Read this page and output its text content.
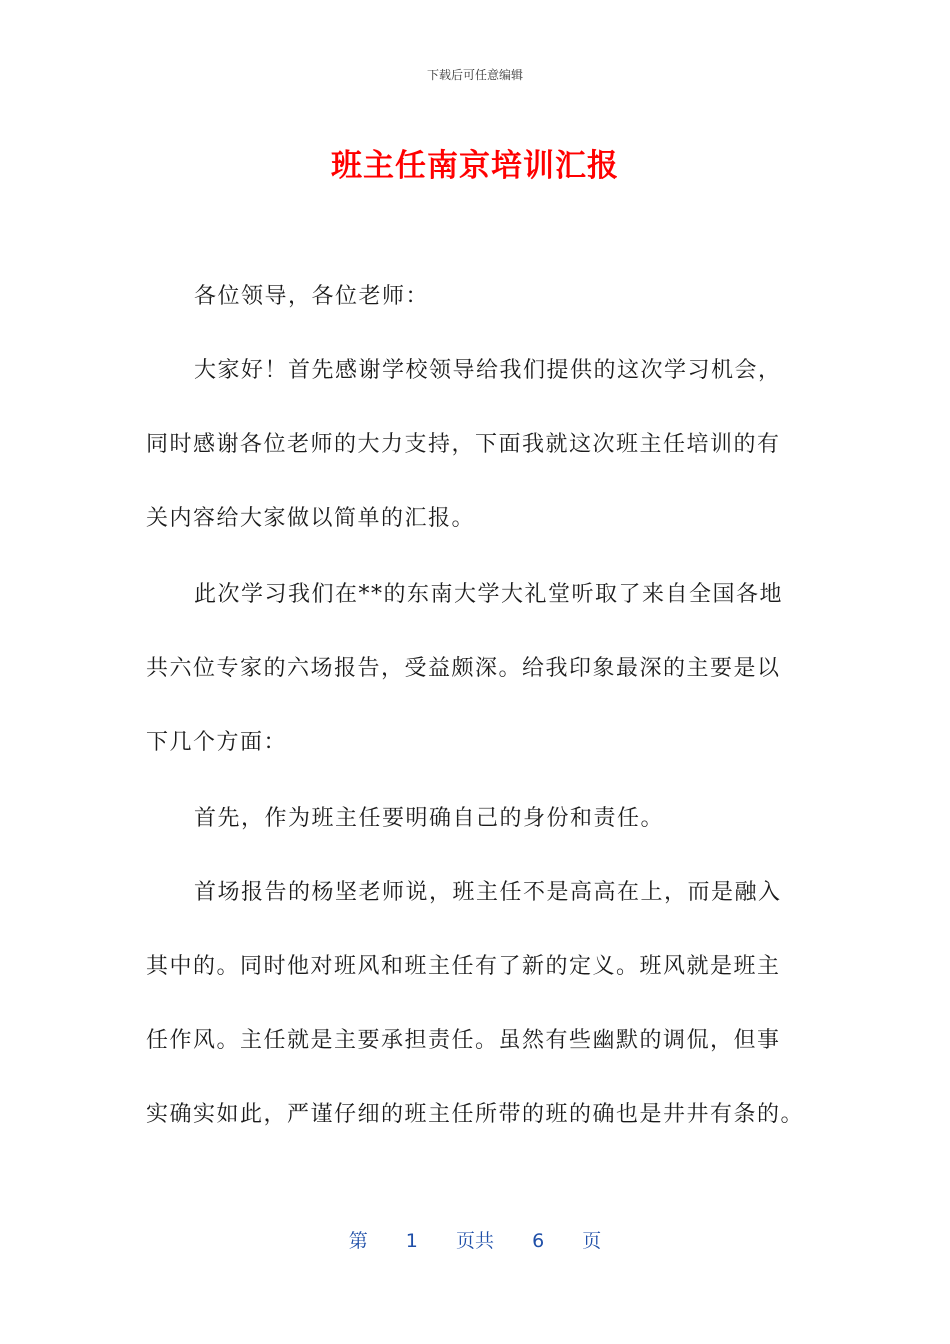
下载后可任意编辑
班主任南京培训汇报
各位领导，各位老师：
大家好！首先感谢学校领导给我们提供的这次学习机会，
同时感谢各位老师的大力支持，下面我就这次班主任培训的有
关内容给大家做以简单的汇报。
此次学习我们在**的东南大学大礼堂听取了来自全国各地
共六位专家的六场报告，受益颇深。给我印象最深的主要是以
下几个方面：
首先，作为班主任要明确自己的身份和责任。
首场报告的杨坚老师说，班主任不是高高在上，而是融入
其中的。同时他对班风和班主任有了新的定义。班风就是班主
任作风。主任就是主要承担责任。虽然有些幽默的调侃，但事
实确实如此，严谨仔细的班主任所带的班的确也是井井有条的。
第 1 页共 6 页
